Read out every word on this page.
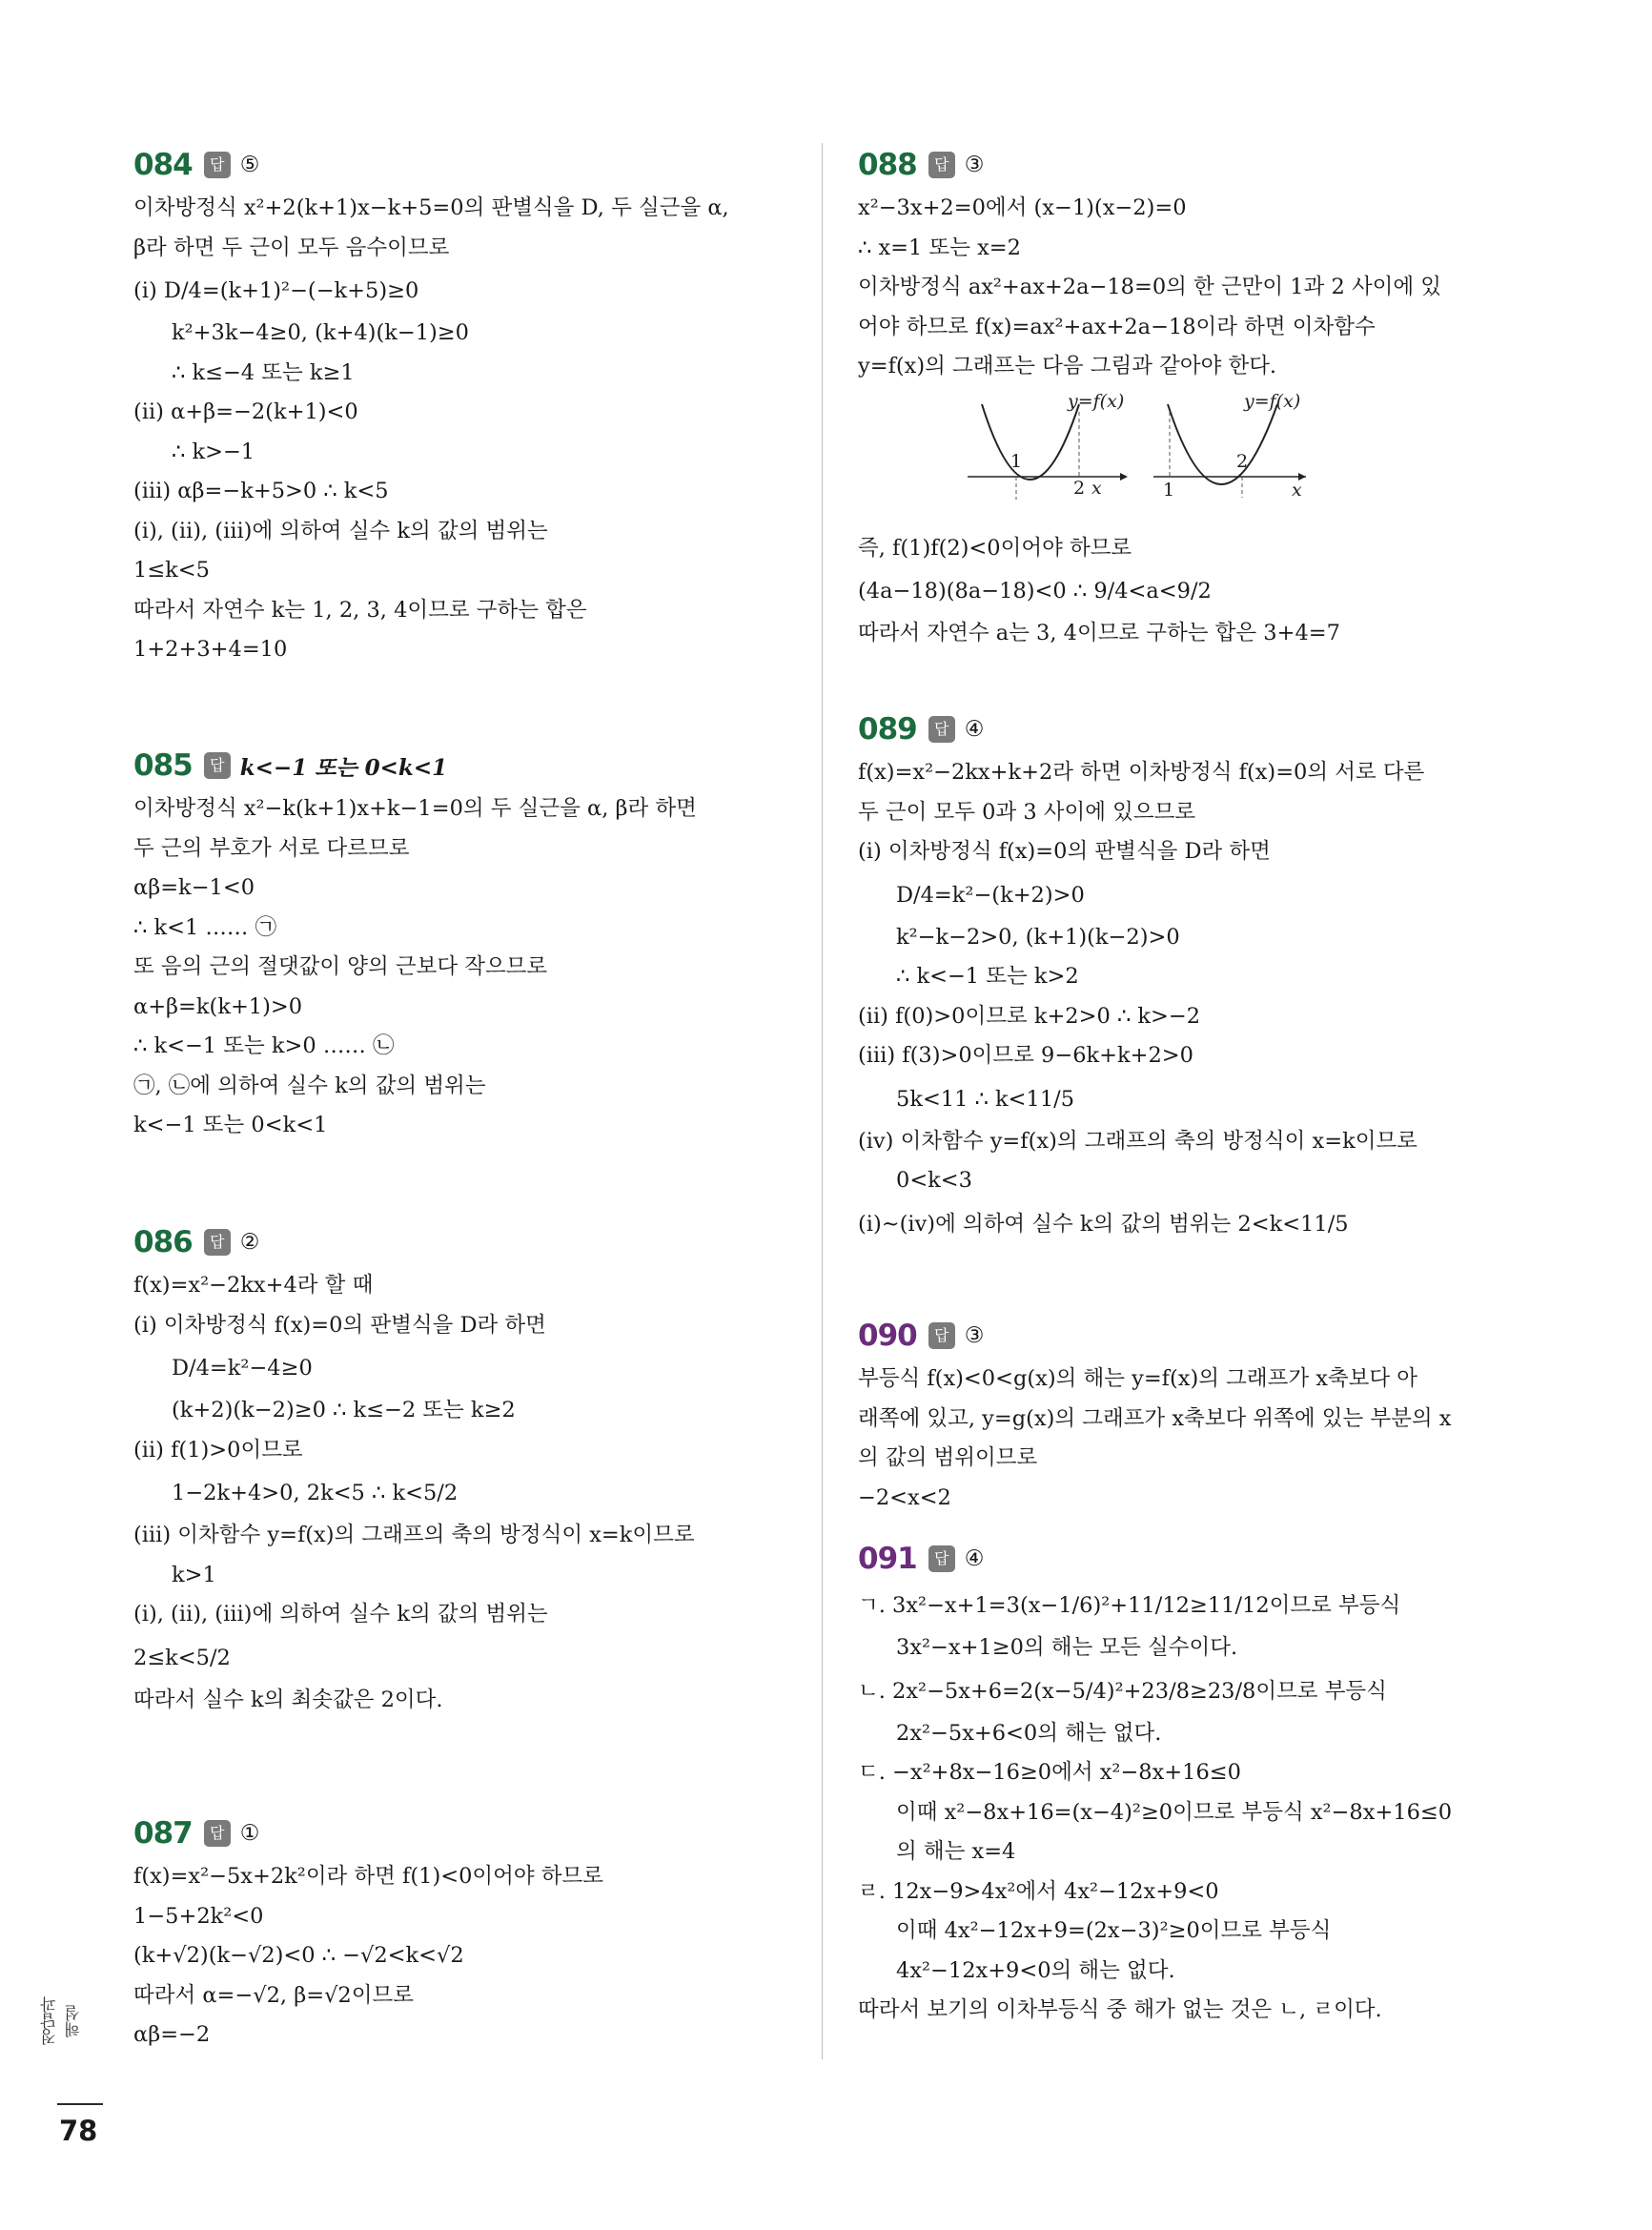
084	답 ⑤
이차방정식 x²+2(k+1)x−k+5=0의 판별식을 D, 두 실근을 α,
β라 하면 두 근이 모두 음수이므로
(ⅰ) D/4=(k+1)²−(−k+5)≥0
k²+3k−4≥0, (k+4)(k−1)≥0
∴ k≤−4 또는 k≥1
(ⅱ) α+β=−2(k+1)<0
∴ k>−1
(ⅲ) αβ=−k+5>0 ∴ k<5
(ⅰ), (ⅱ), (ⅲ)에 의하여 실수 k의 값의 범위는
1≤k<5
따라서 자연수 k는 1, 2, 3, 4이므로 구하는 합은
1+2+3+4=10
085	답 k<−1 또는 0<k<1
이차방정식 x²−k(k+1)x+k−1=0의 두 실근을 α, β라 하면
두 근의 부호가 서로 다르므로
αβ=k−1<0
∴ k<1 …… ㉠
또 음의 근의 절댓값이 양의 근보다 작으므로
α+β=k(k+1)>0
∴ k<−1 또는 k>0 …… ㉡
㉠, ㉡에 의하여 실수 k의 값의 범위는
k<−1 또는 0<k<1
086	답 ②
f(x)=x²−2kx+4라 할 때
(ⅰ) 이차방정식 f(x)=0의 판별식을 D라 하면
D/4=k²−4≥0
(k+2)(k−2)≥0 ∴ k≤−2 또는 k≥2
(ⅱ) f(1)>0이므로
1−2k+4>0, 2k<5 ∴ k<5/2
(ⅲ) 이차함수 y=f(x)의 그래프의 축의 방정식이 x=k이므로
k>1
(ⅰ), (ⅱ), (ⅲ)에 의하여 실수 k의 값의 범위는
2≤k<5/2
따라서 실수 k의 최솟값은 2이다.
087	답 ①
f(x)=x²−5x+2k²이라 하면 f(1)<0이어야 하므로
1−5+2k²<0
(k+√2)(k−√2)<0 ∴ −√2<k<√2
따라서 α=−√2, β=√2이므로
αβ=−2
088	답 ③
x²−3x+2=0에서 (x−1)(x−2)=0
∴ x=1 또는 x=2
이차방정식 ax²+ax+2a−18=0의 한 근만이 1과 2 사이에 있
어야 하므로 f(x)=ax²+ax+2a−18이라 하면 이차함수
y=f(x)의 그래프는 다음 그림과 같아야 한다.
1
2 x
y=f(x)
1
2
x
y=f(x)
즉, f(1)f(2)<0이어야 하므로
(4a−18)(8a−18)<0 ∴ 9/4<a<9/2
따라서 자연수 a는 3, 4이므로 구하는 합은 3+4=7
089	답 ④
f(x)=x²−2kx+k+2라 하면 이차방정식 f(x)=0의 서로 다른
두 근이 모두 0과 3 사이에 있으므로
(ⅰ) 이차방정식 f(x)=0의 판별식을 D라 하면
D/4=k²−(k+2)>0
k²−k−2>0, (k+1)(k−2)>0
∴ k<−1 또는 k>2
(ⅱ) f(0)>0이므로 k+2>0 ∴ k>−2
(ⅲ) f(3)>0이므로 9−6k+k+2>0
5k<11 ∴ k<11/5
(ⅳ) 이차함수 y=f(x)의 그래프의 축의 방정식이 x=k이므로
0<k<3
(ⅰ)~(ⅳ)에 의하여 실수 k의 값의 범위는 2<k<11/5
090	답 ③
부등식 f(x)<0<g(x)의 해는 y=f(x)의 그래프가 x축보다 아
래쪽에 있고, y=g(x)의 그래프가 x축보다 위쪽에 있는 부분의 x
의 값의 범위이므로
−2<x<2
091	답 ④
ㄱ. 3x²−x+1=3(x−1/6)²+11/12≥11/12이므로 부등식
3x²−x+1≥0의 해는 모든 실수이다.
ㄴ. 2x²−5x+6=2(x−5/4)²+23/8≥23/8이므로 부등식
2x²−5x+6<0의 해는 없다.
ㄷ. −x²+8x−16≥0에서 x²−8x+16≤0
이때 x²−8x+16=(x−4)²≥0이므로 부등식 x²−8x+16≤0
의 해는 x=4
ㄹ. 12x−9>4x²에서 4x²−12x+9<0
이때 4x²−12x+9=(2x−3)²≥0이므로 부등식
4x²−12x+9<0의 해는 없다.
따라서 보기의 이차부등식 중 해가 없는 것은 ㄴ, ㄹ이다.
정답과 해설
78
